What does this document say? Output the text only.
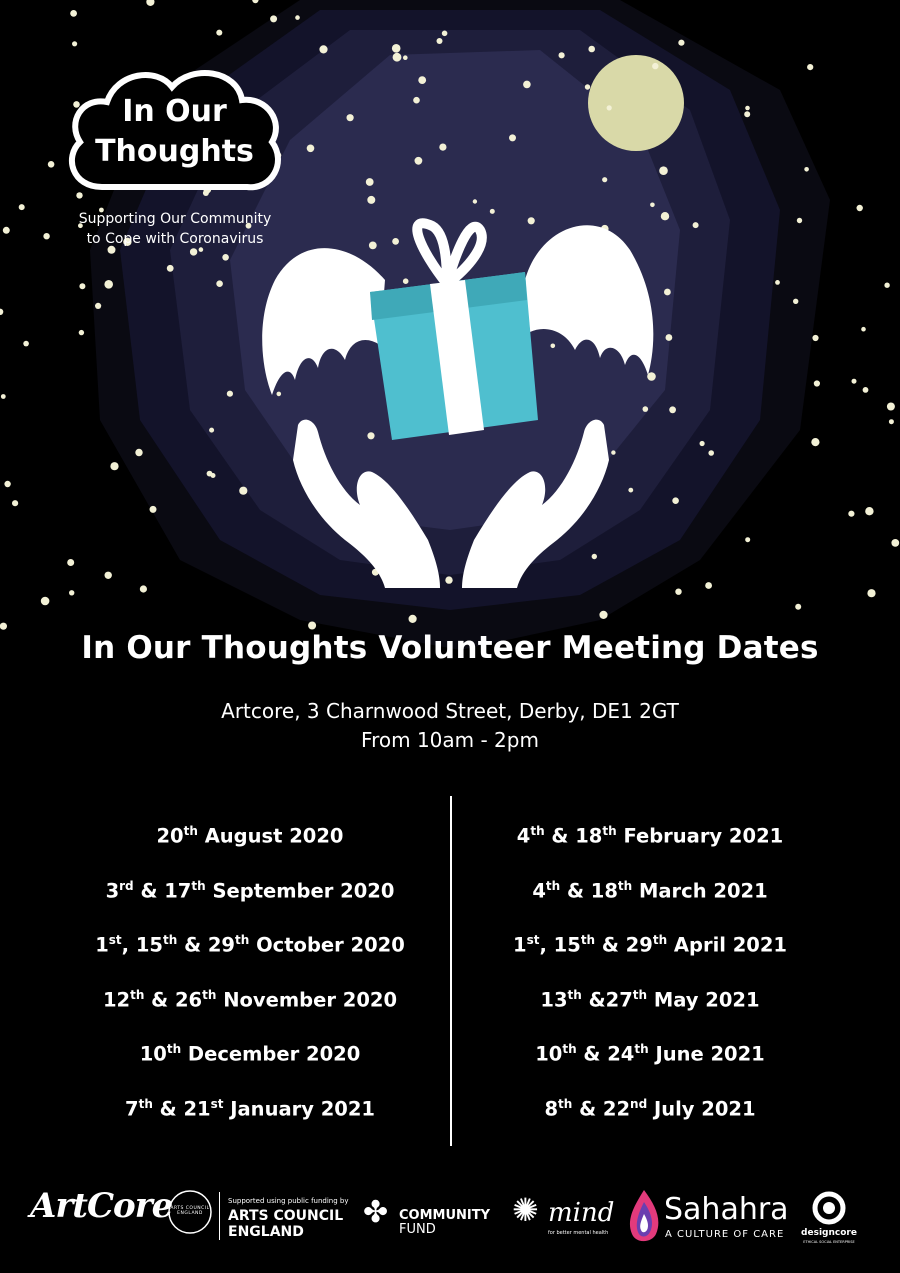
In Our
Thoughts
Supporting Our Community
to Cope with Coronavirus
In Our Thoughts Volunteer Meeting Dates
Artcore, 3 Charnwood Street, Derby, DE1 2GT
From 10am - 2pm
20th August 2020
3rd & 17th September 2020
1st, 15th & 29th October 2020
12th & 26th November 2020
10th December 2020
7th & 21st January 2021
4th & 18th February 2021
4th & 18th March 2021
1st, 15th & 29th April 2021
13th &27th May 2021
10th & 24th June 2021
8th & 22nd July 2021
ArtCore
ARTS COUNCIL ENGLAND
Supported using public funding by
ARTS COUNCIL
ENGLAND
✤ COMMUNITY
FUND
✺ mind
for better mental health
Sahahra
A CULTURE OF CARE designcore
ETHICAL SOCIAL ENTERPRISE
